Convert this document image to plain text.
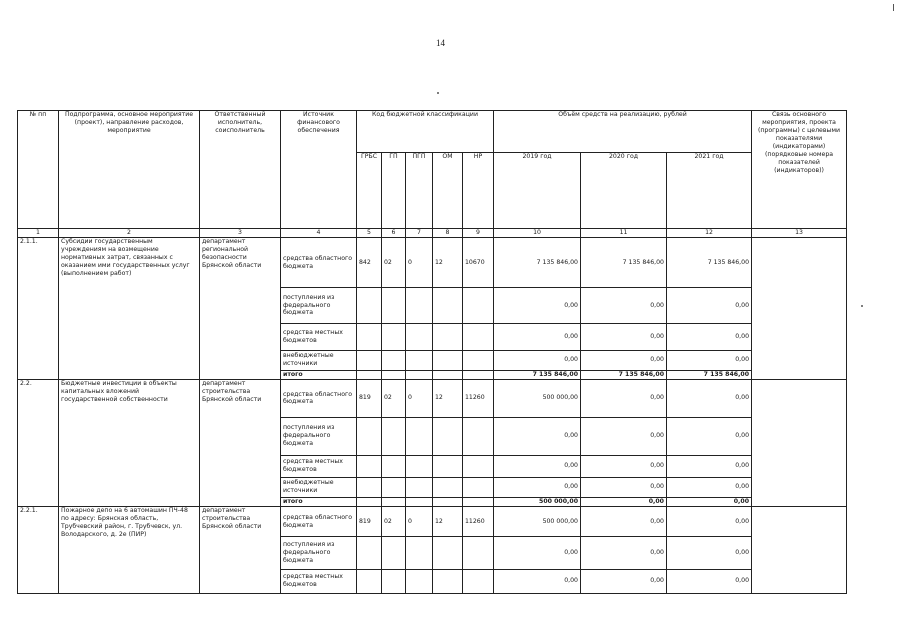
14
№ пп	Подпрограмма, основное мероприятие (проект), направление расходов, мероприятие	Ответственный исполнитель, соисполнитель	Источник финансового обеспечения	Код бюджетной классификации					Объём средств на реализацию, рублей			Связь основного мероприятия, проекта (программы) с целевыми показателями (индикаторами) (порядковые номера показателей (индикаторов))
				ГРБС	ГП	ПГП	ОМ	НР	2019 год	2020 год	2021 год	
1	2	3	4	5	6	7	8	9	10	11	12	13
2.1.1.	Субсидии государственным учреждениям на возмещение нормативных затрат, связанных с оказанием ими государственных услуг (выполнением работ)	департамент региональной безопасности Брянской области	средства областного бюджета	842	02	0	12	10670	7 135 846,00	7 135 846,00	7 135 846,00	
			поступления из федерального бюджета						0,00	0,00	0,00	
			средства местных бюджетов						0,00	0,00	0,00	
			внебюджетные источники						0,00	0,00	0,00	
			итого						7 135 846,00	7 135 846,00	7 135 846,00	
2.2.	Бюджетные инвестиции в объекты капитальных вложений государственной собственности	департамент строительства Брянской области	средства областного бюджета	819	02	0	12	11260	500 000,00	0,00	0,00	
			поступления из федерального бюджета						0,00	0,00	0,00	
			средства местных бюджетов						0,00	0,00	0,00	
			внебюджетные источники						0,00	0,00	0,00	
			итого						500 000,00	0,00	0,00	
2.2.1.	Пожарное депо на 6 автомашин ПЧ-48 по адресу: Брянская область, Трубчевский район, г. Трубчевск, ул. Володарского, д. 2е (ПИР)	департамент строительства Брянской области	средства областного бюджета	819	02	0	12	11260	500 000,00	0,00	0,00	
			поступления из федерального бюджета						0,00	0,00	0,00	
			средства местных бюджетов						0,00	0,00	0,00	
